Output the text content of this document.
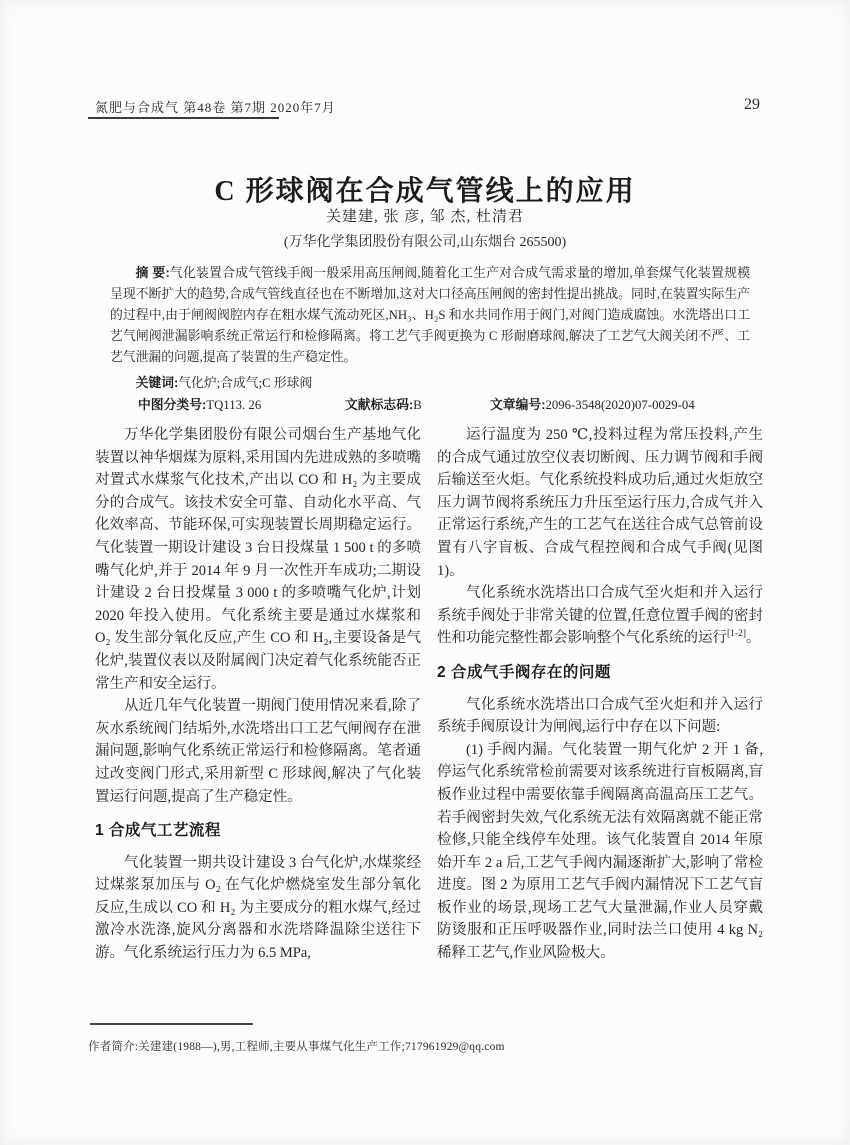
氮肥与合成气 第48卷 第7期 2020年7月	29
C 形球阀在合成气管线上的应用
关建建, 张 彦, 邹 杰, 杜清君
(万华化学集团股份有限公司,山东烟台 265500)

摘 要:气化装置合成气管线手阀一般采用高压闸阀,随着化工生产对合成气需求量的增加,单套煤气化装置规模呈现不断扩大的趋势,合成气管线直径也在不断增加,这对大口径高压闸阀的密封性提出挑战。同时,在装置实际生产的过程中,由于闸阀阀腔内存在粗水煤气流动死区,NH₃、H₂S 和水共同作用于阀门,对阀门造成腐蚀。水洗塔出口工艺气闸阀泄漏影响系统正常运行和检修隔离。将工艺气手阀更换为 C 形耐磨球阀,解决了工艺气大阀关闭不严、工艺气泄漏的问题,提高了装置的生产稳定性。

关键词:气化炉;合成气;C 形球阀
中图分类号:TQ113. 26	文献标志码:B	文章编号:2096-3548(2020)07-0029-04

万华化学集团股份有限公司烟台生产基地气化装置以神华烟煤为原料,采用国内先进成熟的多喷嘴对置式水煤浆气化技术,产出以 CO 和 H₂ 为主要成分的合成气。该技术安全可靠、自动化水平高、气化效率高、节能环保,可实现装置长周期稳定运行。气化装置一期设计建设 3 台日投煤量 1 500 t 的多喷嘴气化炉,并于 2014 年 9 月一次性开车成功;二期设计建设 2 台日投煤量 3 000 t 的多喷嘴气化炉,计划 2020 年投入使用。气化系统主要是通过水煤浆和 O₂ 发生部分氧化反应,产生 CO 和 H₂,主要设备是气化炉,装置仪表以及附属阀门决定着气化系统能否正常生产和安全运行。

从近几年气化装置一期阀门使用情况来看,除了灰水系统阀门结垢外,水洗塔出口工艺气闸阀存在泄漏问题,影响气化系统正常运行和检修隔离。笔者通过改变阀门形式,采用新型 C 形球阀,解决了气化装置运行问题,提高了生产稳定性。

1 合成气工艺流程

气化装置一期共设计建设 3 台气化炉,水煤浆经过煤浆泵加压与 O₂ 在气化炉燃烧室发生部分氧化反应,生成以 CO 和 H₂ 为主要成分的粗水煤气,经过激冷水洗涤,旋风分离器和水洗塔降温除尘送往下游。气化系统运行压力为 6.5 MPa,

运行温度为 250 ℃,投料过程为常压投料,产生的合成气通过放空仪表切断阀、压力调节阀和手阀后输送至火炬。气化系统投料成功后,通过火炬放空压力调节阀将系统压力升压至运行压力,合成气并入正常运行系统,产生的工艺气在送往合成气总管前设置有八字盲板、合成气程控阀和合成气手阀(见图 1)。

气化系统水洗塔出口合成气至火炬和并入运行系统手阀处于非常关键的位置,任意位置手阀的密封性和功能完整性都会影响整个气化系统的运行[1-2]。

2 合成气手阀存在的问题

气化系统水洗塔出口合成气至火炬和并入运行系统手阀原设计为闸阀,运行中存在以下问题:

(1) 手阀内漏。气化装置一期气化炉 2 开 1 备,停运气化系统常检前需要对该系统进行盲板隔离,盲板作业过程中需要依靠手阀隔离高温高压工艺气。若手阀密封失效,气化系统无法有效隔离就不能正常检修,只能全线停车处理。该气化装置自 2014 年原始开车 2 a 后,工艺气手阀内漏逐渐扩大,影响了常检进度。图 2 为原用工艺气手阀内漏情况下工艺气盲板作业的场景,现场工艺气大量泄漏,作业人员穿戴防烫服和正压呼吸器作业,同时法兰口使用 4 kg N₂ 稀释工艺气,作业风险极大。

作者简介:关建建(1988—),男,工程师,主要从事煤气化生产工作;717961929@qq.com
